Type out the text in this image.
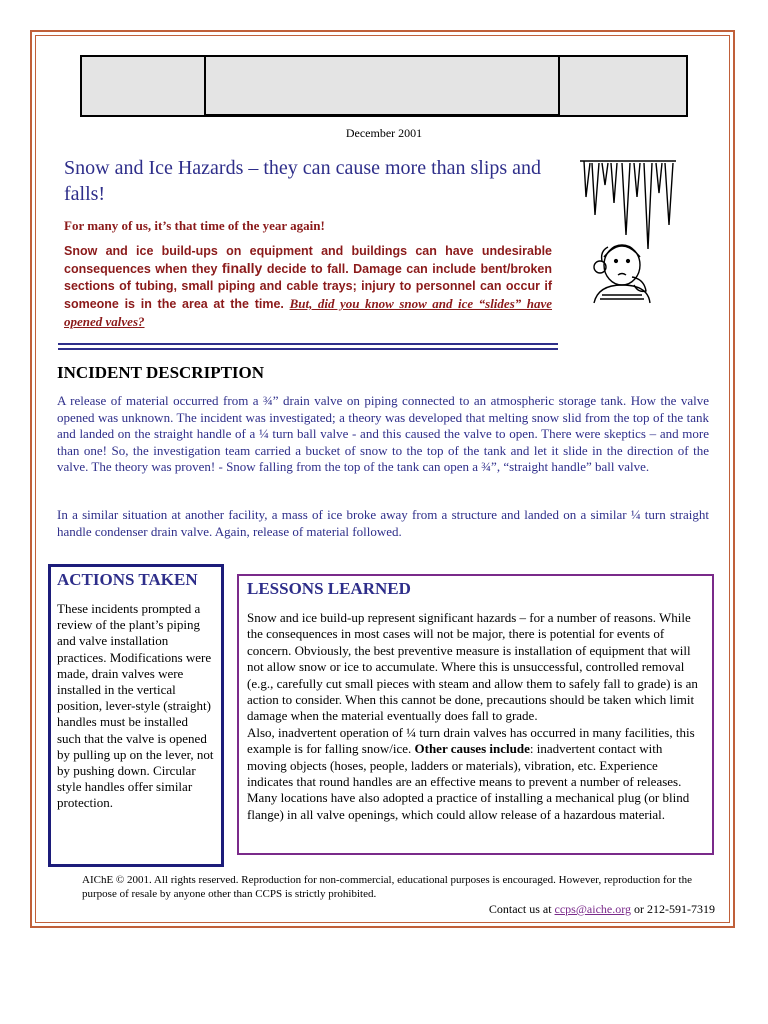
December 2001
Snow and Ice Hazards – they can cause more than slips and falls!
For many of us, it’s that time of the year again!
Snow and ice build-ups on equipment and buildings can have undesirable consequences when they finally decide to fall. Damage can include bent/broken sections of tubing, small piping and cable trays; injury to personnel can occur if someone is in the area at the time. But, did you know snow and ice “slides” have opened valves?
INCIDENT DESCRIPTION

A release of material occurred from a ¾” drain valve on piping connected to an atmospheric storage tank. How the valve opened was unknown. The incident was investigated; a theory was developed that melting snow slid from the top of the tank and landed on the straight handle of a ¼ turn ball valve - and this caused the valve to open. There were skeptics – and more than one! So, the investigation team carried a bucket of snow to the top of the tank and let it slide in the direction of the valve. The theory was proven! - Snow falling from the top of the tank can open a ¾”, “straight handle” ball valve.

In a similar situation at another facility, a mass of ice broke away from a structure and landed on a similar ¼ turn straight handle condenser drain valve. Again, release of material followed.

ACTIONS TAKEN

These incidents prompted a review of the plant’s piping and valve installation practices. Modifications were made, drain valves were installed in the vertical position, lever-style (straight) handles must be installed such that the valve is opened by pulling up on the lever, not by pushing down. Circular style handles offer similar protection.

LESSONS LEARNED

Snow and ice build-up represent significant hazards – for a number of reasons. While the consequences in most cases will not be major, there is potential for events of concern. Obviously, the best preventive measure is installation of equipment that will not allow snow or ice to accumulate. Where this is unsuccessful, controlled removal (e.g., carefully cut small pieces with steam and allow them to safely fall to grade) is an action to consider. When this cannot be done, precautions should be taken which limit damage when the material eventually does fall to grade.
Also, inadvertent operation of ¼ turn drain valves has occurred in many facilities, this example is for falling snow/ice. Other causes include: inadvertent contact with moving objects (hoses, people, ladders or materials), vibration, etc. Experience indicates that round handles are an effective means to prevent a number of releases. Many locations have also adopted a practice of installing a mechanical plug (or blind flange) in all valve openings, which could allow release of a hazardous material.

AIChE © 2001. All rights reserved. Reproduction for non-commercial, educational purposes is encouraged. However, reproduction for the purpose of resale by anyone other than CCPS is strictly prohibited.
Contact us at ccps@aiche.org or 212-591-7319
